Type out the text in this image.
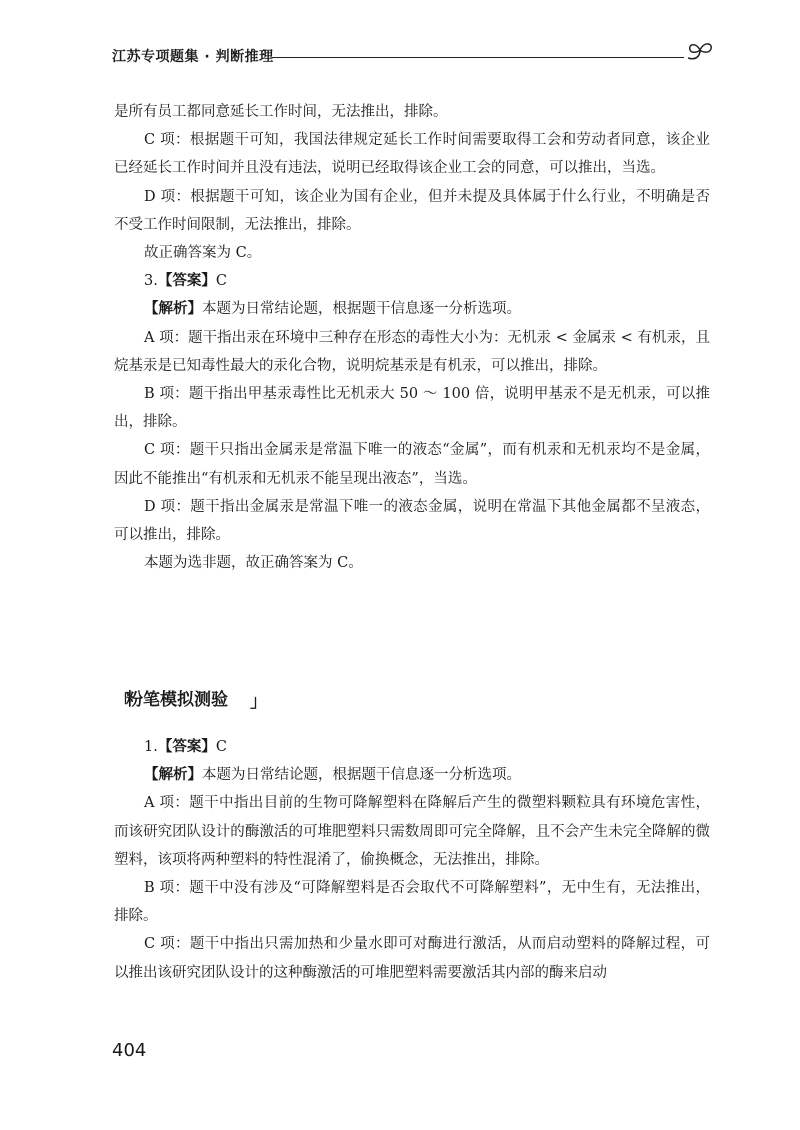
江苏专项题集 · 判断推理

是所有员工都同意延长工作时间，无法推出，排除。

C 项：根据题干可知，我国法律规定延长工作时间需要取得工会和劳动者同意，该企业已经延长工作时间并且没有违法，说明已经取得该企业工会的同意，可以推出，当选。

D 项：根据题干可知，该企业为国有企业，但并未提及具体属于什么行业，不明确是否不受工作时间限制，无法推出，排除。

故正确答案为 C。

3.【答案】C

【解析】本题为日常结论题，根据题干信息逐一分析选项。

A 项：题干指出汞在环境中三种存在形态的毒性大小为：无机汞 < 金属汞 < 有机汞，且烷基汞是已知毒性最大的汞化合物，说明烷基汞是有机汞，可以推出，排除。

B 项：题干指出甲基汞毒性比无机汞大 50 ～ 100 倍，说明甲基汞不是无机汞，可以推出，排除。

C 项：题干只指出金属汞是常温下唯一的液态“金属”，而有机汞和无机汞均不是金属，因此不能推出“有机汞和无机汞不能呈现出液态”，当选。

D 项：题干指出金属汞是常温下唯一的液态金属，说明在常温下其他金属都不呈液态，可以推出，排除。

本题为选非题，故正确答案为 C。

「
粉笔模拟测验 」

1.【答案】C

【解析】本题为日常结论题，根据题干信息逐一分析选项。

A 项：题干中指出目前的生物可降解塑料在降解后产生的微塑料颗粒具有环境危害性，而该研究团队设计的酶激活的可堆肥塑料只需数周即可完全降解，且不会产生未完全降解的微塑料，该项将两种塑料的特性混淆了，偷换概念，无法推出，排除。

B 项：题干中没有涉及“可降解塑料是否会取代不可降解塑料”，无中生有，无法推出，排除。

C 项：题干中指出只需加热和少量水即可对酶进行激活，从而启动塑料的降解过程，可以推出该研究团队设计的这种酶激活的可堆肥塑料需要激活其内部的酶来启动

404
